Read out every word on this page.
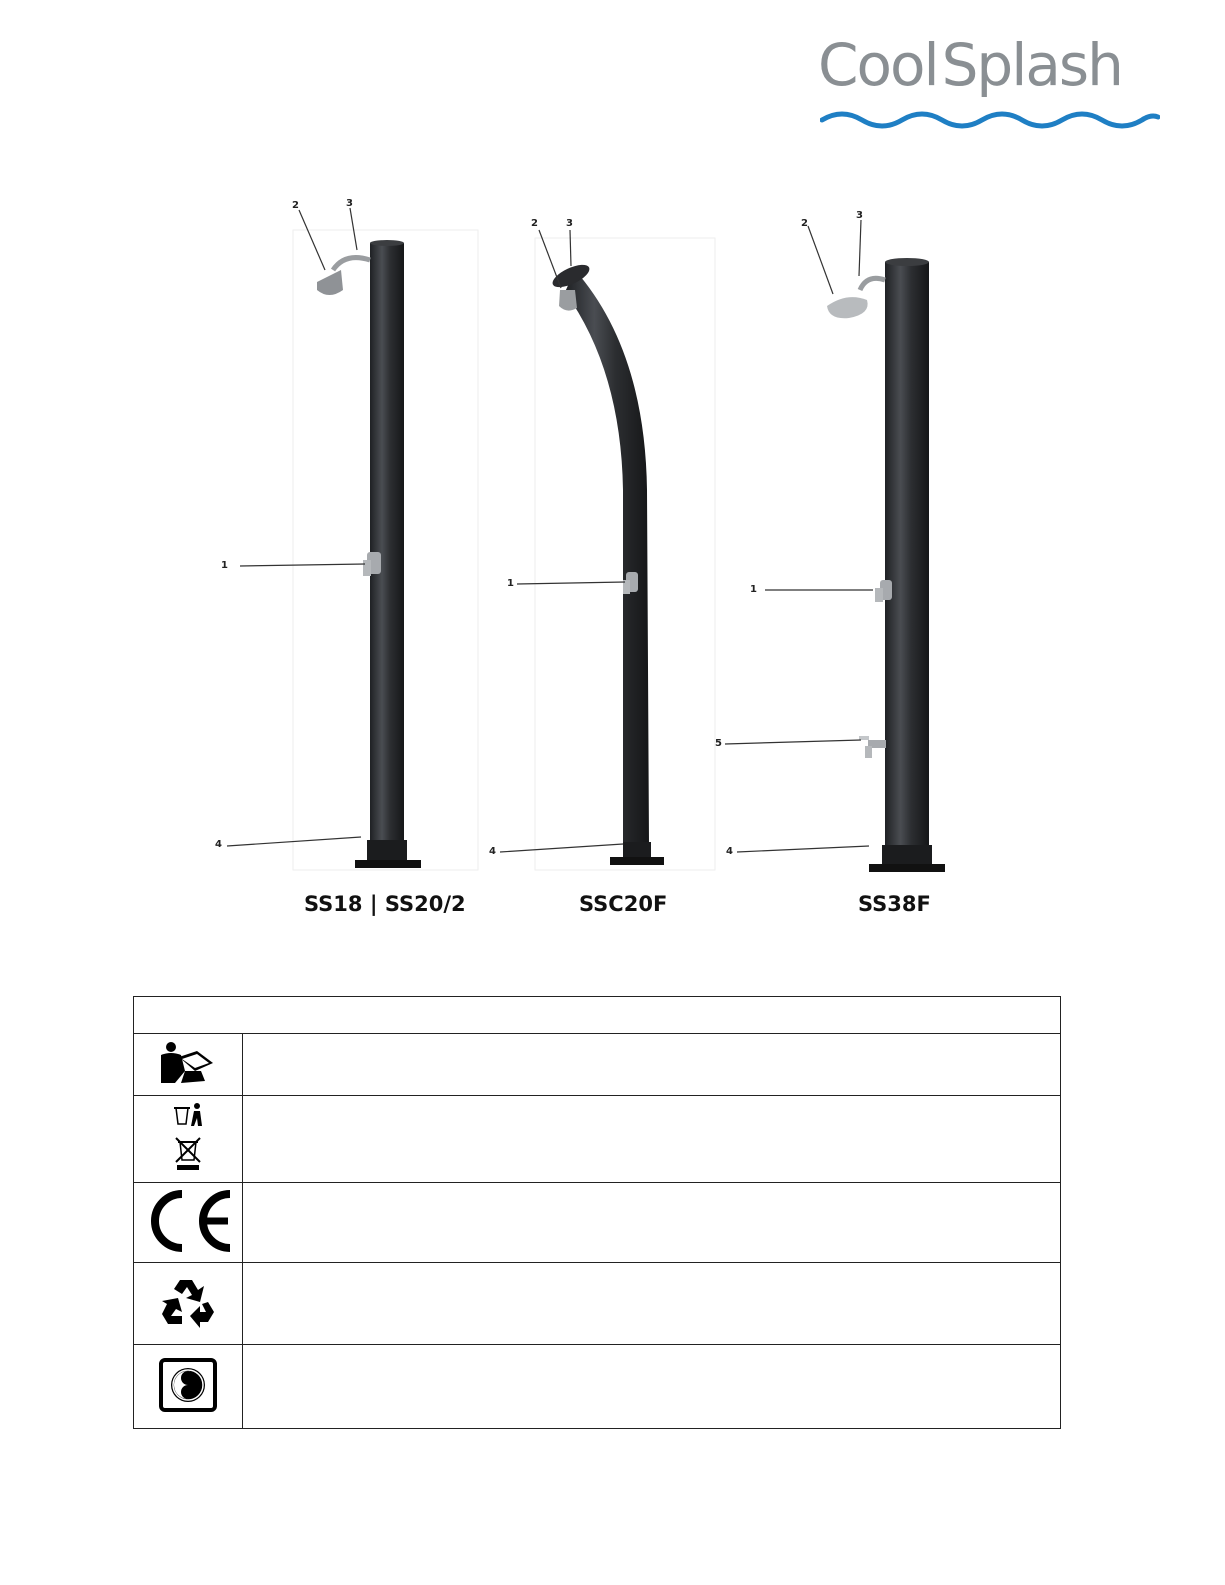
CoolSplash
1
2	3
4
1
2	3
4
1
2
3
5
4
SS18 | SS20/2	SSC20F	SS38F
